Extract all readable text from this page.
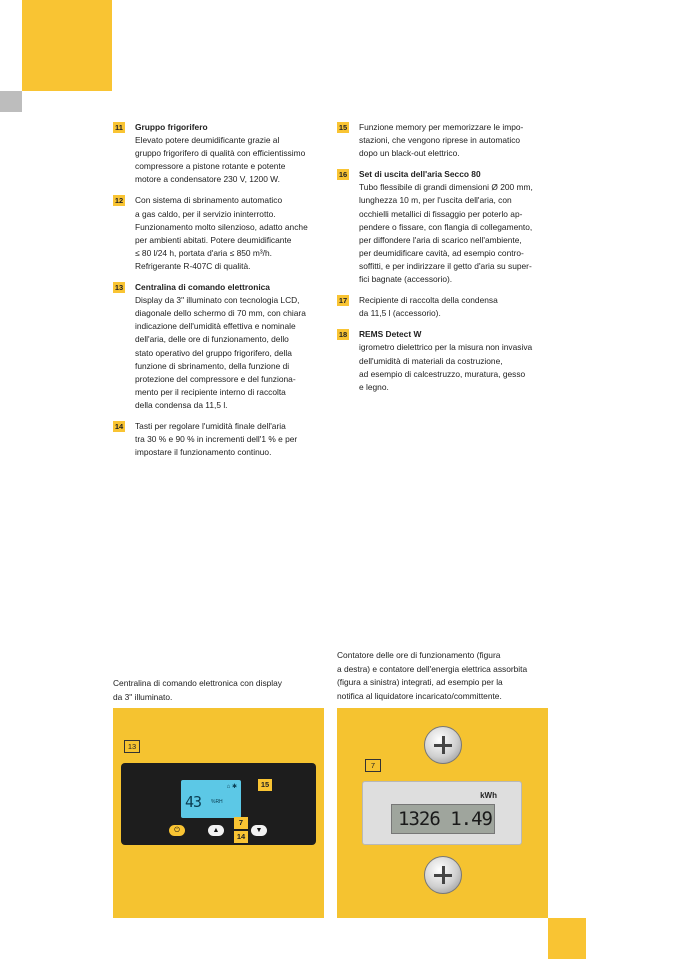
11 Gruppo frigorifero
Elevato potere deumidificante grazie al
gruppo frigorifero di qualità con efficientissimo
compressore a pistone rotante e potente
motore a condensatore 230 V, 1200 W.
12 Con sistema di sbrinamento automatico
a gas caldo, per il servizio ininterrotto.
Funzionamento molto silenzioso, adatto anche
per ambienti abitati. Potere deumidificante
≤ 80 l/24 h, portata d'aria ≤ 850 m³/h.
Refrigerante R-407C di qualità.
13 Centralina di comando elettronica
Display da 3" illuminato con tecnologia LCD,
diagonale dello schermo di 70 mm, con chiara
indicazione dell'umidità effettiva e nominale
dell'aria, delle ore di funzionamento, dello
stato operativo del gruppo frigorifero, della
funzione di sbrinamento, della funzione di
protezione del compressore e del funziona-
mento per il recipiente interno di raccolta
della condensa da 11,5 l.
14 Tasti per regolare l'umidità finale dell'aria
tra 30 % e 90 % in incrementi dell'1 % e per
impostare il funzionamento continuo.
15 Funzione memory per memorizzare le impo-
stazioni, che vengono riprese in automatico
dopo un black-out elettrico.
16 Set di uscita dell'aria Secco 80
Tubo flessibile di grandi dimensioni Ø 200 mm,
lunghezza 10 m, per l'uscita dell'aria, con
occhielli metallici di fissaggio per poterlo ap-
pendere o fissare, con flangia di collegamento,
per diffondere l'aria di scarico nell'ambiente,
per deumidificare cavità, ad esempio contro-
soffitti, e per indirizzare il getto d'aria su super-
fici bagnate (accessorio).
17 Recipiente di raccolta della condensa
da 11,5 l (accessorio).
18 REMS Detect W
igrometro dielettrico per la misura non invasiva
dell'umidità di materiali da costruzione,
ad esempio di calcestruzzo, muratura, gesso
e legno.
Centralina di comando elettronica con display
da 3" illuminato.
Contatore delle ore di funzionamento (figura
a destra) e contatore dell'energia elettrica assorbita
(figura a sinistra) integrati, ad esempio per la
notifica al liquidatore incaricato/committente.
13
⌂ ✱
43 %RH
⏻	▲	▼
15
7
14
7
kWh
1326 1.49
